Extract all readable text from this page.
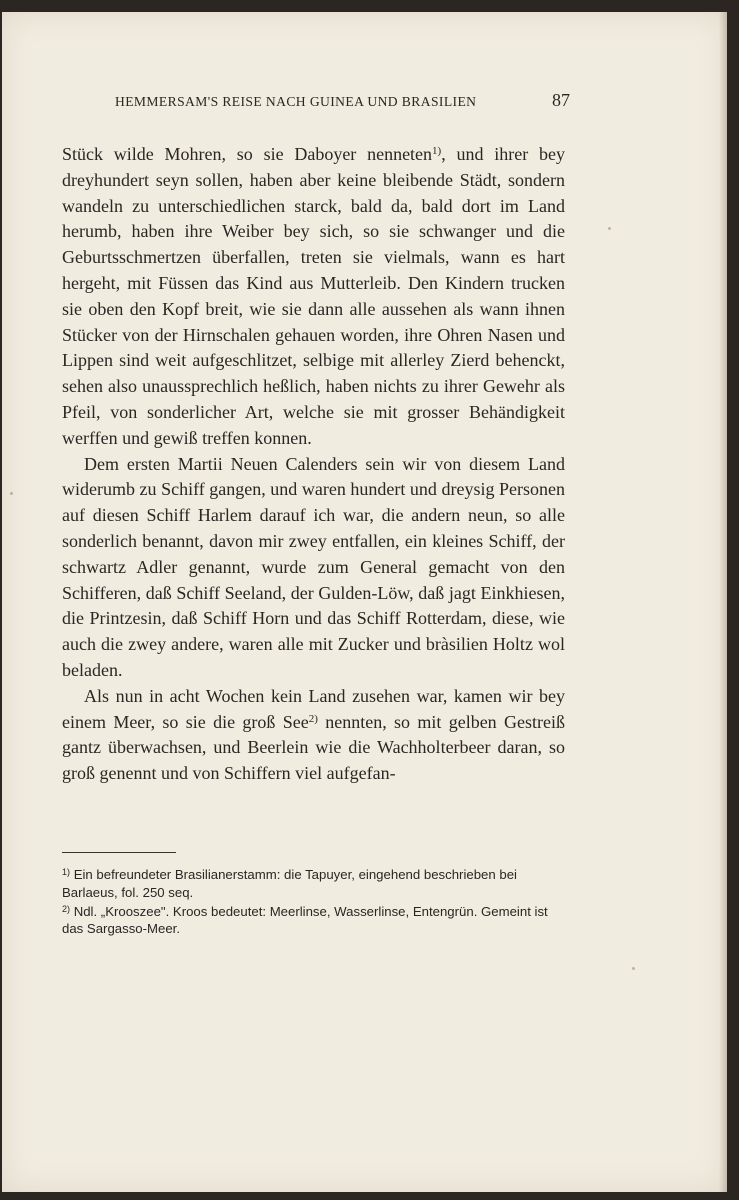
HEMMERSAM'S REISE NACH GUINEA UND BRASILIEN	87

Stück wilde Mohren, so sie Daboyer nenneten$^{1)}$, und ihrer bey dreyhundert seyn sollen, haben aber keine bleibende Städt, sondern wandeln zu unterschiedlichen starck, bald da, bald dort im Land herumb, haben ihre Weiber bey sich, so sie schwanger und die Geburtsschmertzen überfallen, treten sie vielmals, wann es hart hergeht, mit Füssen das Kind aus Mutterleib. Den Kindern trucken sie oben den Kopf breit, wie sie dann alle aussehen als wann ihnen Stücker von der Hirnschalen gehauen worden, ihre Ohren Nasen und Lippen sind weit aufgeschlitzet, selbige mit allerley Zierd behenckt, sehen also unaussprechlich heßlich, haben nichts zu ihrer Gewehr als Pfeil, von sonderlicher Art, welche sie mit grosser Behändigkeit werffen und gewiß treffen konnen.

Dem ersten Martii Neuen Calenders sein wir von diesem Land widerumb zu Schiff gangen, und waren hundert und dreysig Personen auf diesen Schiff Harlem darauf ich war, die andern neun, so alle sonderlich benannt, davon mir zwey entfallen, ein kleines Schiff, der schwartz Adler genannt, wurde zum General gemacht von den Schifferen, daß Schiff Seeland, der Gulden-Löw, daß jagt Einkhiesen, die Printzesin, daß Schiff Horn und das Schiff Rotterdam, diese, wie auch die zwey andere, waren alle mit Zucker und bràsilien Holtz wol beladen.

Als nun in acht Wochen kein Land zusehen war, kamen wir bey einem Meer, so sie die groß See$^{2)}$ nennten, so mit gelben Gestreiß gantz überwachsen, und Beerlein wie die Wachholterbeer daran, so groß genennt und von Schiffern viel aufgefan-

$^{1)}$ Ein befreundeter Brasilianerstamm: die Tapuyer, eingehend beschrieben bei Barlaeus, fol. 250 seq.

$^{2)}$ Ndl. „Krooszee". Kroos bedeutet: Meerlinse, Wasserlinse, Entengrün. Gemeint ist das Sargasso-Meer.
